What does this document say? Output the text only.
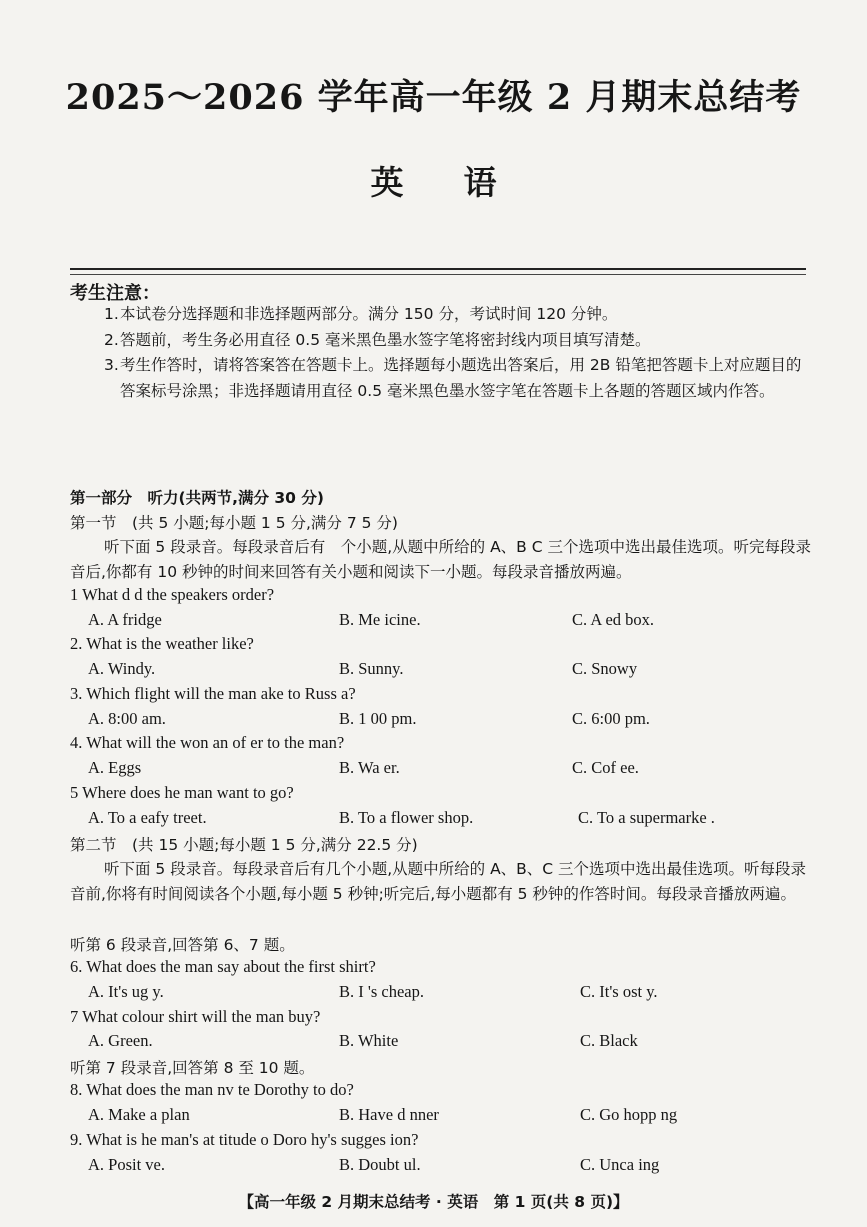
2025～2026 学年高一年级 2 月期末总结考
英语
考生注意：
1. 本试卷分选择题和非选择题两部分。满分 150 分，考试时间 120 分钟。
2. 答题前，考生务必用直径 0.5 毫米黑色墨水签字笔将密封线内项目填写清楚。
3. 考生作答时，请将答案答在答题卡上。选择题每小题选出答案后，用 2B 铅笔把答题卡上对应题目的答案标号涂黑；非选择题请用直径 0.5 毫米黑色墨水签字笔在答题卡上各题的答题区域内作答。
第一部分　听力(共两节,满分 30 分)
第一节　(共 5 小题;每小题 1 5 分,满分 7 5 分)
听下面 5 段录音。每段录音后有　个小题,从题中所给的 A、B C 三个选项中选出最佳选项。听完每段录音后,你都有 10 秒钟的时间来回答有关小题和阅读下一小题。每段录音播放两遍。
1 What d d the speakers order?
A. A fridge	B. Me icine.	C. A ed box.
2. What is the weather like?
A. Windy.	B. Sunny.	C. Snowy
3. Which flight will the man ake to Russ a?
A. 8:00 am.	B. 1 00 pm.	C. 6:00 pm.
4. What will the won an of er to the man?
A. Eggs	B. Wa er.	C. Cof ee.
5 Where does he man want to go?
A. To a eafy treet.	B. To a flower shop.	C. To a supermarke .
第二节　(共 15 小题;每小题 1 5 分,满分 22.5 分)
听下面 5 段录音。每段录音后有几个小题,从题中所给的 A、B、C 三个选项中选出最佳选项。听每段录音前,你将有时间阅读各个小题,每小题 5 秒钟;听完后,每小题都有 5 秒钟的作答时间。每段录音播放两遍。
听第 6 段录音,回答第 6、7 题。
6. What does the man say about the first shirt?
A. It's ug y.	B. I 's cheap.	C. It's ost y.
7 What colour shirt will the man buy?
A. Green.	B. White	C. Black
听第 7 段录音,回答第 8 至 10 题。
8. What does the man nv te Dorothy to do?
A. Make a plan	B. Have d nner	C. Go hopp ng
9. What is he man's at titude o Doro hy's sugges ion?
A. Posit ve.	B. Doubt ul.	C. Unca ing
【高一年级 2 月期末总结考 · 英语　第 1 页(共 8 页)】
